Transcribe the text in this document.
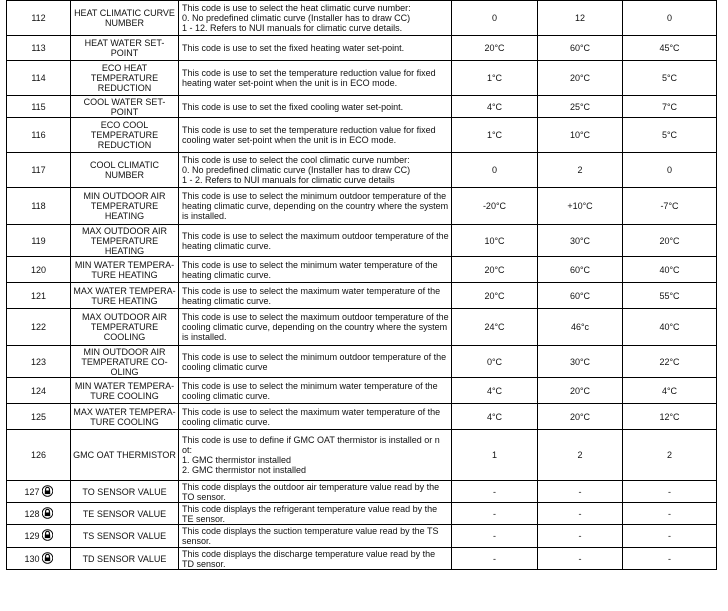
112	HEAT CLIMATIC CURVE NUMBER	This code is use to select the heat climatic curve number:
0. No predefined climatic curve (Installer has to draw CC)
1 - 12. Refers to NUI manuals for climatic curve details.	0	12	0
113	HEAT WATER SET-POINT	This code is use to set the fixed heating water set-point.	20°C	60°C	45°C
114	ECO HEAT TEMPERATURE REDUCTION	This code is use to set the temperature reduction value for fixed heating water set-point when the unit is in ECO mode.	1°C	20°C	5°C
115	COOL WATER SET-POINT	This code is use to set the fixed cooling water set-point.	4°C	25°C	7°C
116	ECO COOL TEMPERATURE REDUCTION	This code is use to set the temperature reduction value for fixed cooling water set-point when the unit is in ECO mode.	1°C	10°C	5°C
117	COOL CLIMATIC NUMBER	This code is use to select the cool climatic curve number:
0. No predefined climatic curve (Installer has to draw CC)
1 - 2. Refers to NUI manuals for climatic curve details	0	2	0
118	MIN OUTDOOR AIR TEMPERATURE HEATING	This code is use to select the minimum outdoor temperature of the heating climatic curve, depending on the country where the system is installed.	-20°C	+10°C	-7°C
119	MAX OUTDOOR AIR TEMPERATURE HEATING	This code is use to select the maximum outdoor temperature of the heating climatic curve.	10°C	30°C	20°C
120	MIN WATER TEMPERA- TURE HEATING	This code is use to select the minimum water temperature of the heating climatic curve.	20°C	60°C	40°C
121	MAX WATER TEMPERA- TURE HEATING	This code is use to select the maximum water temperature of the heating climatic curve.	20°C	60°C	55°C
122	MAX OUTDOOR AIR TEMPERATURE COOLING	This code is use to select the maximum outdoor temperature of the cooling climatic curve, depending on the country where the system is installed.	24°C	46°c	40°C
123	MIN OUTDOOR AIR TEMPERATURE CO- OLING	This code is use to select the minimum outdoor temperature of the cooling climatic curve	0°C	30°C	22°C
124	MIN WATER TEMPERA- TURE COOLING	This code is use to select the minimum water temperature of the cooling climatic curve.	4°C	20°C	4°C
125	MAX WATER TEMPERA- TURE COOLING	This code is use to select the maximum water temperature of the cooling climatic curve.	4°C	20°C	12°C
126	GMC OAT THERMISTOR	This code is use to define if GMC OAT thermistor is installed or n ot:
1. GMC thermistor installed
2. GMC thermistor not installed	1	2	2
127	TO SENSOR VALUE	This code displays the outdoor air temperature value read by the TO sensor.	-	-	-
128	TE SENSOR VALUE	This code displays the refrigerant temperature value read by the TE sensor.	-	-	-
129	TS SENSOR VALUE	This code displays the suction temperature value read by the TS sensor.	-	-	-
130	TD SENSOR VALUE	This code displays the discharge temperature value read by the TD sensor.	-	-	-
